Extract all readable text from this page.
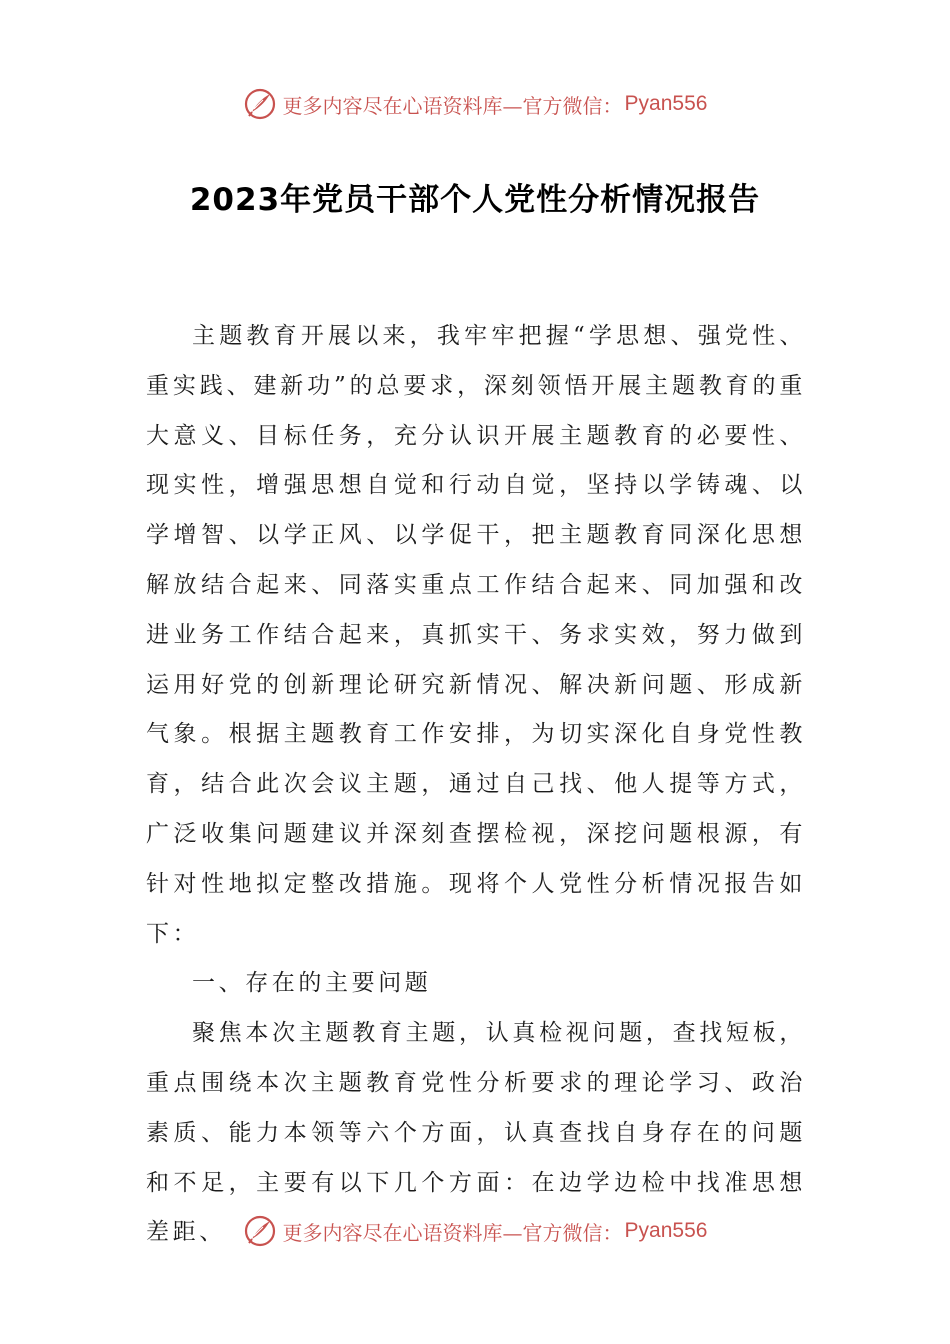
更多内容尽在心语资料库—官方微信： Pyan556
2023年党员干部个人党性分析情况报告

主题教育开展以来，我牢牢把握“学思想、强党性、重实践、建新功”的总要求，深刻领悟开展主题教育的重大意义、目标任务，充分认识开展主题教育的必要性、现实性，增强思想自觉和行动自觉，坚持以学铸魂、以学增智、以学正风、以学促干，把主题教育同深化思想解放结合起来、同落实重点工作结合起来、同加强和改进业务工作结合起来，真抓实干、务求实效，努力做到运用好党的创新理论研究新情况、解决新问题、形成新气象。根据主题教育工作安排，为切实深化自身党性教育，结合此次会议主题，通过自己找、他人提等方式，广泛收集问题建议并深刻查摆检视，深挖问题根源，有针对性地拟定整改措施。现将个人党性分析情况报告如下：

一、存在的主要问题

聚焦本次主题教育主题，认真检视问题，查找短板，重点围绕本次主题教育党性分析要求的理论学习、政治素质、能力本领等六个方面，认真查找自身存在的问题和不足，主要有以下几个方面：在边学边检中找准思想差距、	更多内容尽在心语资料库—官方微信： Pyan556
